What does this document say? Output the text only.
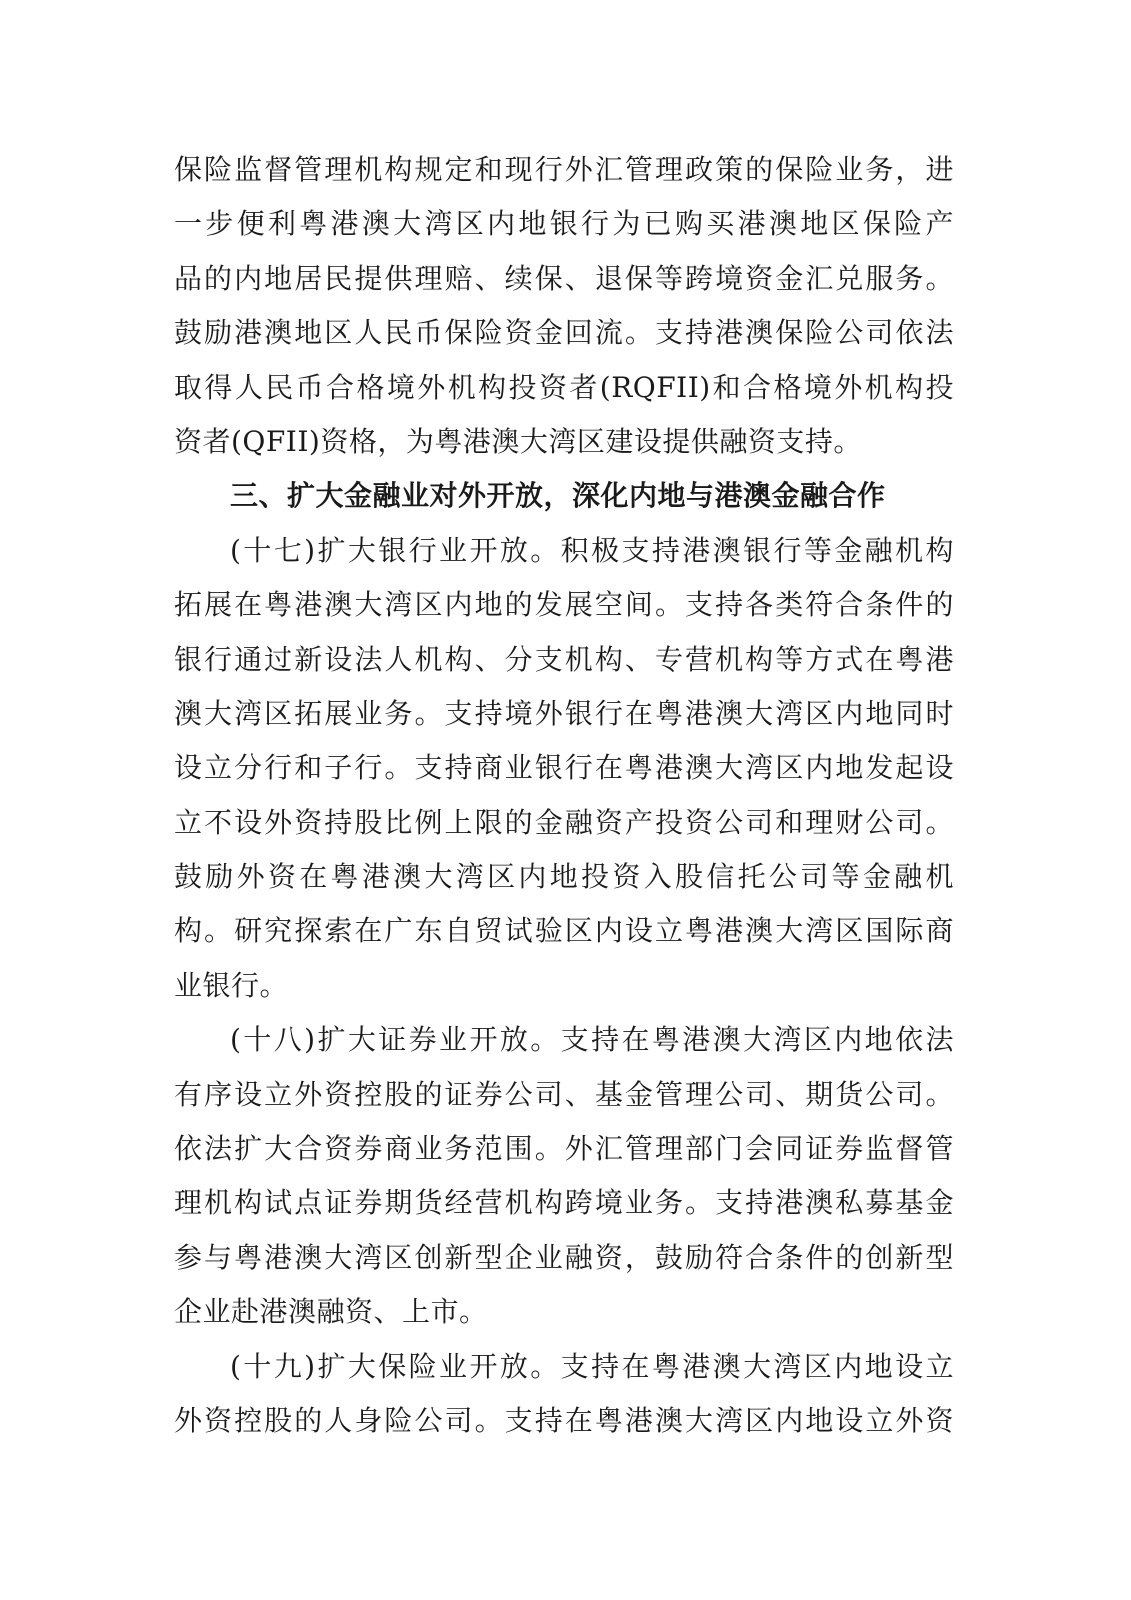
保险监督管理机构规定和现行外汇管理政策的保险业务，进
一步便利粤港澳大湾区内地银行为已购买港澳地区保险产
品的内地居民提供理赔、续保、退保等跨境资金汇兑服务。
鼓励港澳地区人民币保险资金回流。支持港澳保险公司依法
取得人民币合格境外机构投资者(RQFII)和合格境外机构投
资者(QFII)资格，为粤港澳大湾区建设提供融资支持。
三、扩大金融业对外开放，深化内地与港澳金融合作
(十七)扩大银行业开放。积极支持港澳银行等金融机构
拓展在粤港澳大湾区内地的发展空间。支持各类符合条件的
银行通过新设法人机构、分支机构、专营机构等方式在粤港
澳大湾区拓展业务。支持境外银行在粤港澳大湾区内地同时
设立分行和子行。支持商业银行在粤港澳大湾区内地发起设
立不设外资持股比例上限的金融资产投资公司和理财公司。
鼓励外资在粤港澳大湾区内地投资入股信托公司等金融机
构。研究探索在广东自贸试验区内设立粤港澳大湾区国际商
业银行。
(十八)扩大证券业开放。支持在粤港澳大湾区内地依法
有序设立外资控股的证券公司、基金管理公司、期货公司。
依法扩大合资券商业务范围。外汇管理部门会同证券监督管
理机构试点证券期货经营机构跨境业务。支持港澳私募基金
参与粤港澳大湾区创新型企业融资，鼓励符合条件的创新型
企业赴港澳融资、上市。
(十九)扩大保险业开放。支持在粤港澳大湾区内地设立
外资控股的人身险公司。支持在粤港澳大湾区内地设立外资
